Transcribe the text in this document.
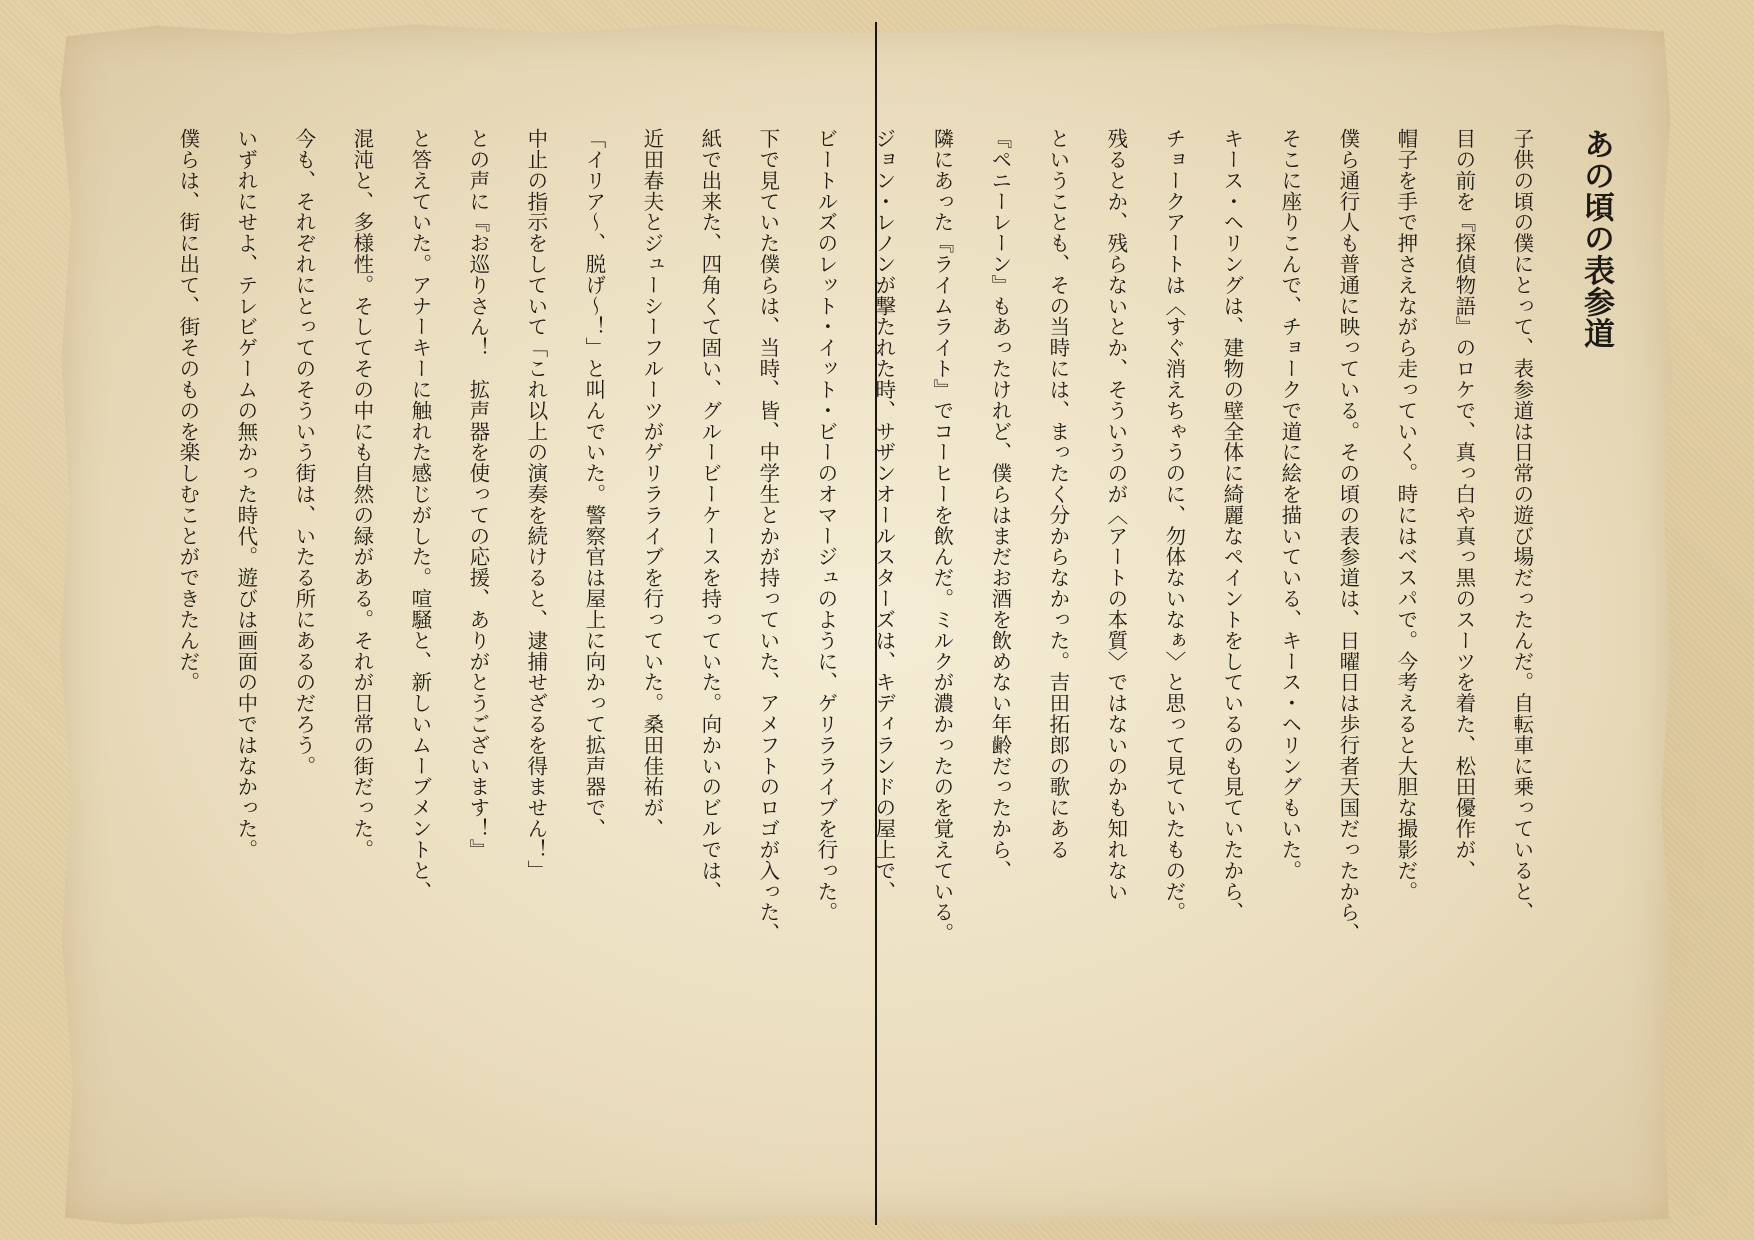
あの頃の表参道

子供の頃の僕にとって、表参道は日常の遊び場だったんだ。自転車に乗っていると、

目の前を『探偵物語』のロケで、真っ白や真っ黒のスーツを着た、松田優作が、

帽子を手で押さえながら走っていく。時にはベスパで。今考えると大胆な撮影だ。

僕ら通行人も普通に映っている。その頃の表参道は、日曜日は歩行者天国だったから、

そこに座りこんで、チョークで道に絵を描いている、キース・ヘリングもいた。

キース・ヘリングは、建物の壁全体に綺麗なペイントをしているのも見ていたから、

チョークアートは〈すぐ消えちゃうのに、勿体ないなぁ〉と思って見ていたものだ。

残るとか、残らないとか、そういうのが〈アートの本質〉ではないのかも知れない

ということも、その当時には、まったく分からなかった。吉田拓郎の歌にある

『ペニーレーン』もあったけれど、僕らはまだお酒を飲めない年齢だったから、

隣にあった『ライムライト』でコーヒーを飲んだ。ミルクが濃かったのを覚えている。

ジョン・レノンが撃たれた時、サザンオールスターズは、キディランドの屋上で、

ビートルズのレット・イット・ビーのオマージュのように、ゲリラライブを行った。

下で見ていた僕らは、当時、皆、中学生とかが持っていた、アメフトのロゴが入った、

紙で出来た、四角くて固い、グルービーケースを持っていた。向かいのビルでは、

近田春夫とジューシーフルーツがゲリラライブを行っていた。桑田佳祐が、

「イリア〜、脱げ〜！」と叫んでいた。警察官は屋上に向かって拡声器で、

中止の指示をしていて「これ以上の演奏を続けると、逮捕せざるを得ません！」

との声に『お巡りさん！　拡声器を使っての応援、ありがとうございます！』

と答えていた。アナーキーに触れた感じがした。喧騒と、新しいムーブメントと、

混沌と、多様性。そしてその中にも自然の緑がある。それが日常の街だった。

今も、それぞれにとってのそういう街は、いたる所にあるのだろう。

いずれにせよ、テレビゲームの無かった時代。遊びは画面の中ではなかった。

僕らは、街に出て、街そのものを楽しむことができたんだ。
